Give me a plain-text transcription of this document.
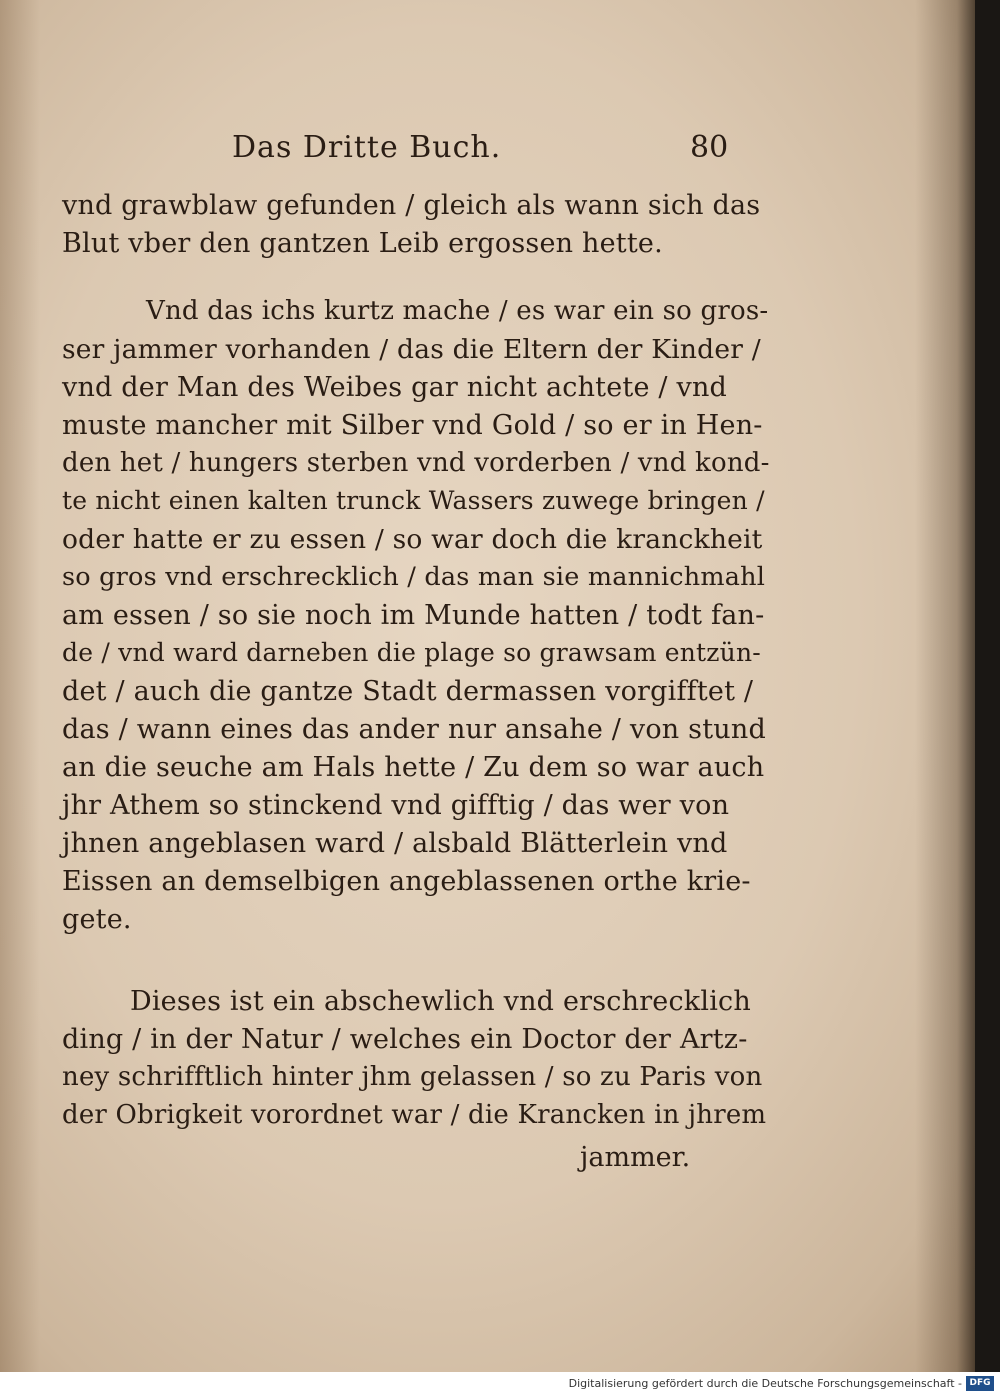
Das Dritte Buch.	80
vnd grawblaw gefunden / gleich als wann sich das
Blut vber den gantzen Leib ergossen hette.
Vnd das ichs kurtz mache / es war ein so gros-
ser jammer vorhanden / das die Eltern der Kinder /
vnd der Man des Weibes gar nicht achtete / vnd
muste mancher mit Silber vnd Gold / so er in Hen-
den het / hungers sterben vnd vorderben / vnd kond-
te nicht einen kalten trunck Wassers zuwege bringen /
oder hatte er zu essen / so war doch die kranckheit
so gros vnd erschrecklich / das man sie mannichmahl
am essen / so sie noch im Munde hatten / todt fan-
de / vnd ward darneben die plage so grawsam entzün-
det / auch die gantze Stadt dermassen vorgifftet /
das / wann eines das ander nur ansahe / von stund
an die seuche am Hals hette / Zu dem so war auch
jhr Athem so stinckend vnd gifftig / das wer von
jhnen angeblasen ward / alsbald Blätterlein vnd
Eissen an demselbigen angeblassenen orthe krie-
gete.
Dieses ist ein abschewlich vnd erschrecklich
ding / in der Natur / welches ein Doctor der Artz-
ney schrifftlich hinter jhm gelassen / so zu Paris von
der Obrigkeit vorordnet war / die Krancken in jhrem
jammer.
Digitalisierung gefördert durch die Deutsche Forschungsgemeinschaft - DFG
